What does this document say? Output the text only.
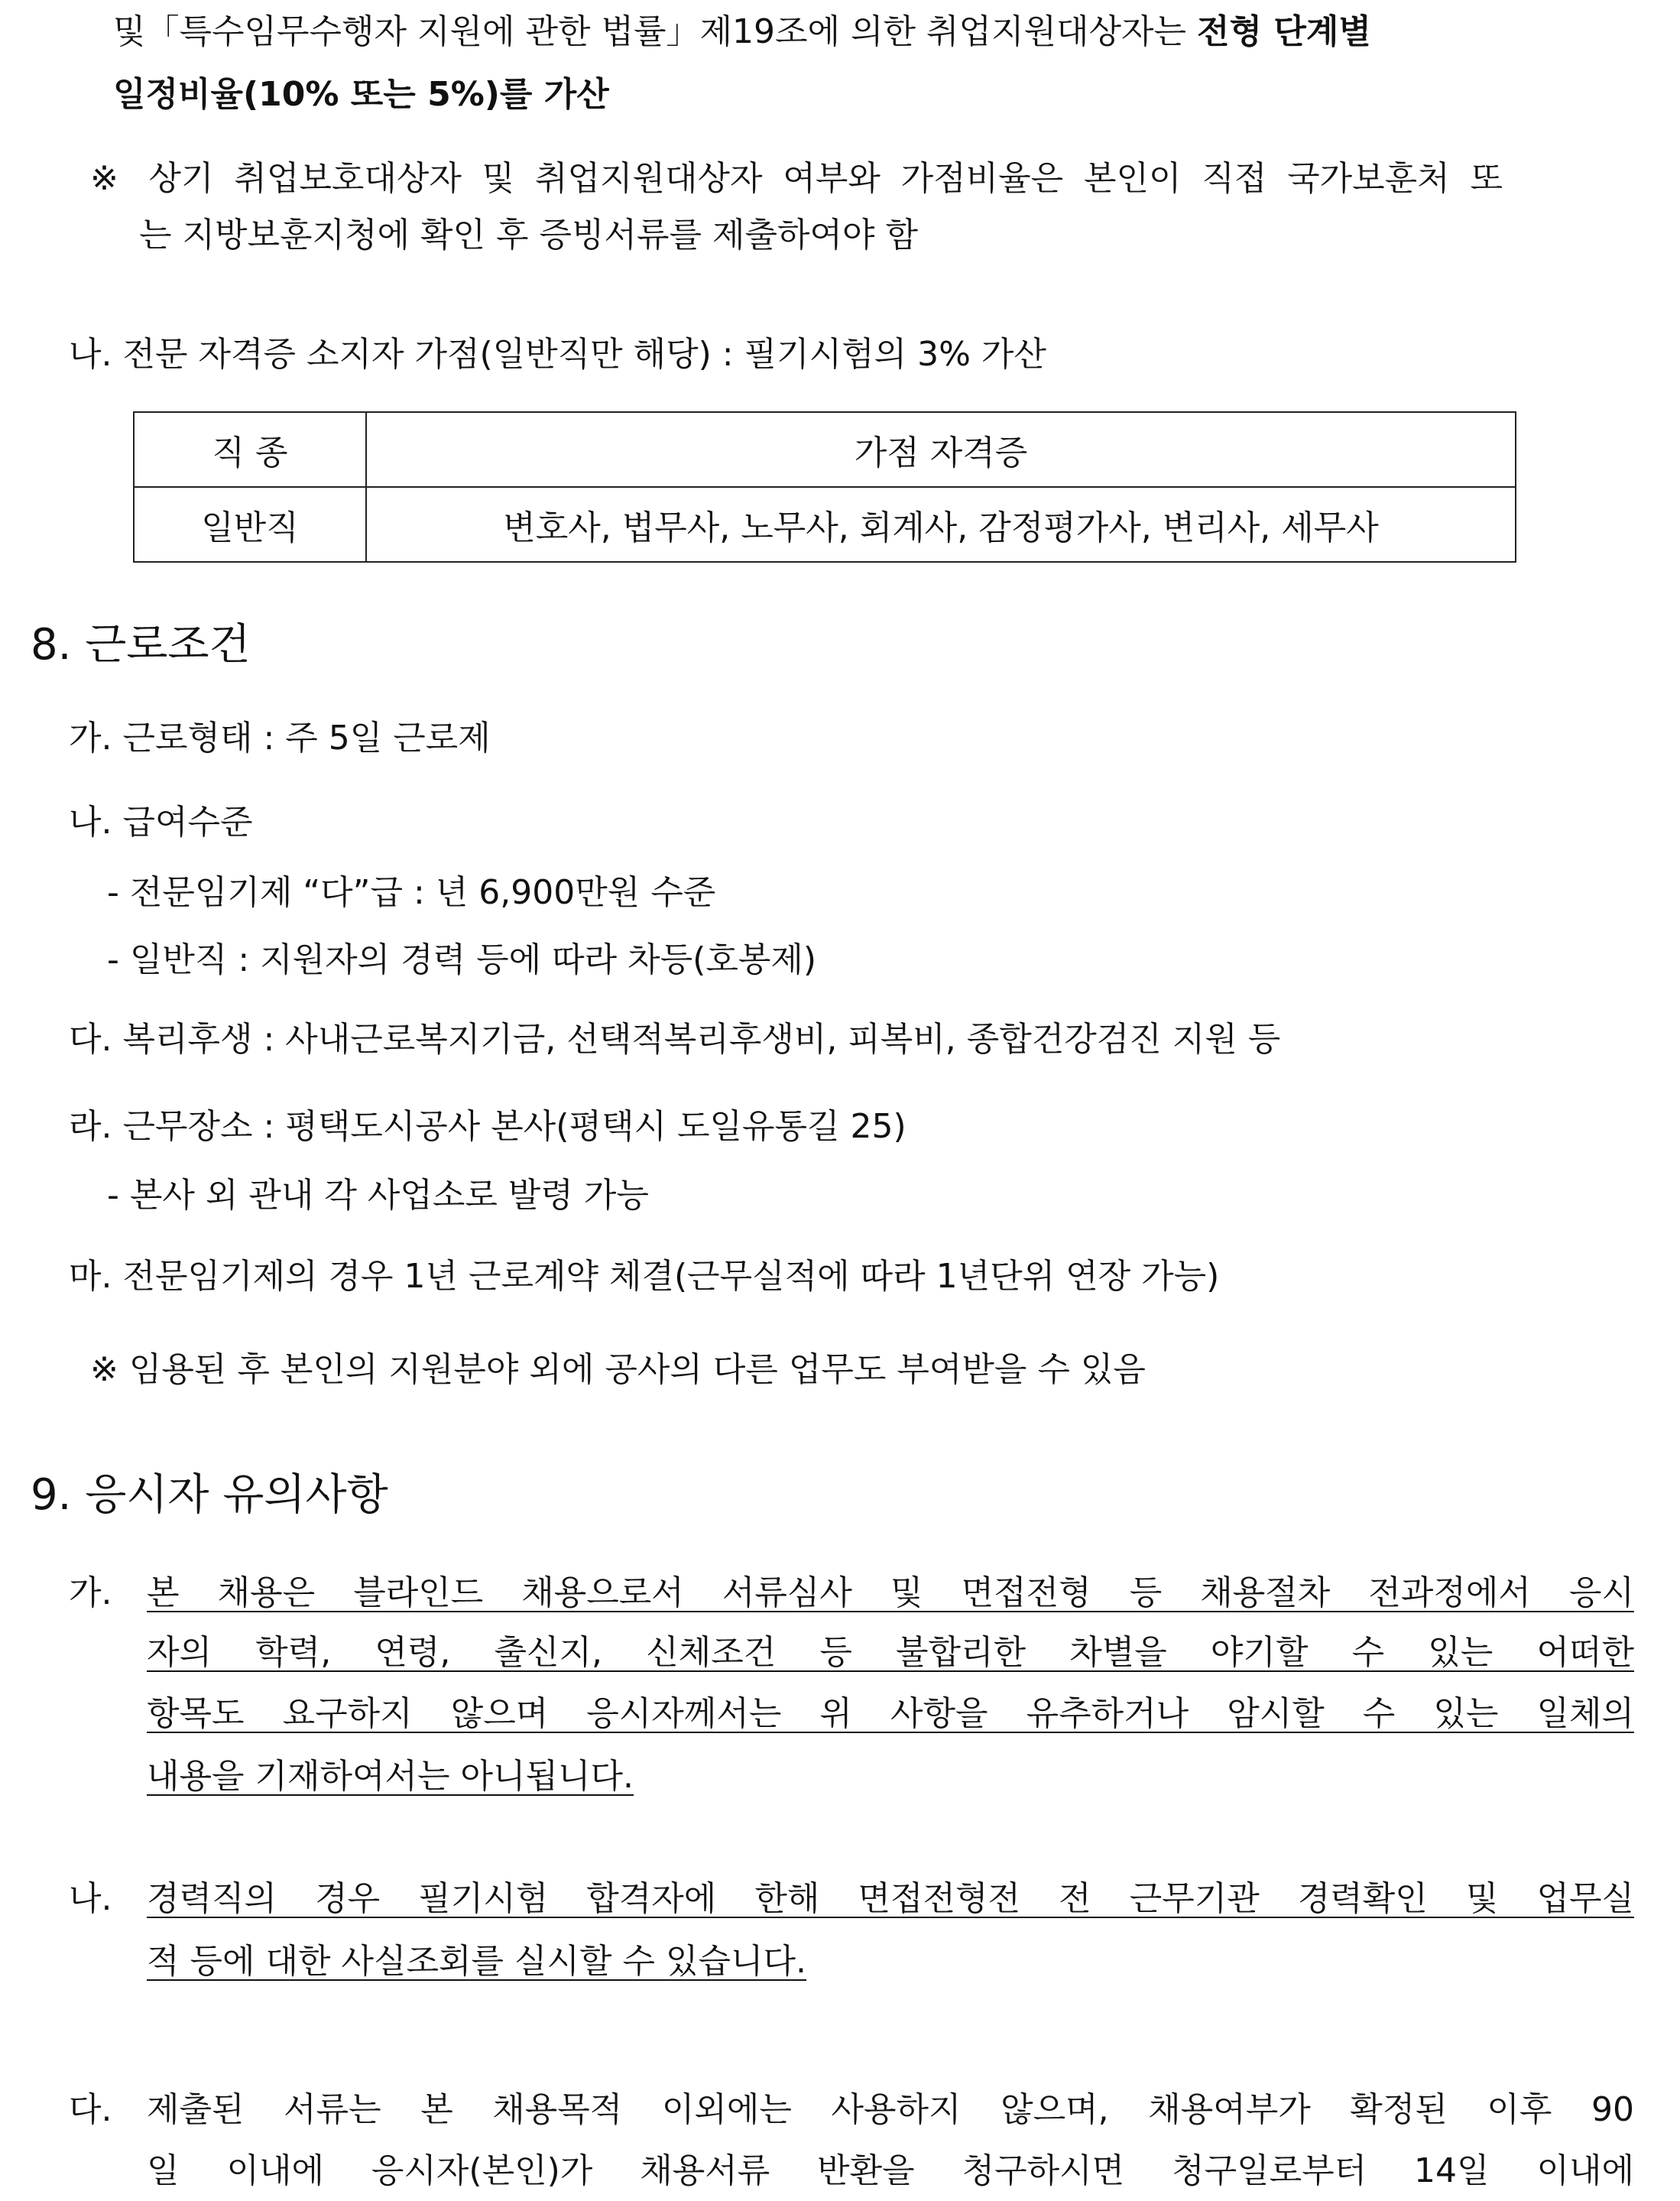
및「특수임무수행자 지원에 관한 법률」제19조에 의한 취업지원대상자는 전형 단계별
일정비율(10% 또는 5%)를 가산
※ 상기 취업보호대상자 및 취업지원대상자 여부와 가점비율은 본인이 직접 국가보훈처 또
는 지방보훈지청에 확인 후 증빙서류를 제출하여야 함
나. 전문 자격증 소지자 가점(일반직만 해당) : 필기시험의 3% 가산
직 종	가점 자격증
일반직	변호사, 법무사, 노무사, 회계사, 감정평가사, 변리사, 세무사
8. 근로조건
가. 근로형태 : 주 5일 근로제
나. 급여수준
- 전문임기제 “다”급 : 년 6,900만원 수준
- 일반직 : 지원자의 경력 등에 따라 차등(호봉제)
다. 복리후생 : 사내근로복지기금, 선택적복리후생비, 피복비, 종합건강검진 지원 등
라. 근무장소 : 평택도시공사 본사(평택시 도일유통길 25)
- 본사 외 관내 각 사업소로 발령 가능
마. 전문임기제의 경우 1년 근로계약 체결(근무실적에 따라 1년단위 연장 가능)
※ 임용된 후 본인의 지원분야 외에 공사의 다른 업무도 부여받을 수 있음
9. 응시자 유의사항
가. 본 채용은 블라인드 채용으로서 서류심사 및 면접전형 등 채용절차 전과정에서 응시
자의 학력, 연령, 출신지, 신체조건 등 불합리한 차별을 야기할 수 있는 어떠한
항목도 요구하지 않으며 응시자께서는 위 사항을 유추하거나 암시할 수 있는 일체의
내용을 기재하여서는 아니됩니다.
나. 경력직의 경우 필기시험 합격자에 한해 면접전형전 전 근무기관 경력확인 및 업무실
적 등에 대한 사실조회를 실시할 수 있습니다.
다. 제출된 서류는 본 채용목적 이외에는 사용하지 않으며, 채용여부가 확정된 이후 90
일 이내에 응시자(본인)가 채용서류 반환을 청구하시면 청구일로부터 14일 이내에
